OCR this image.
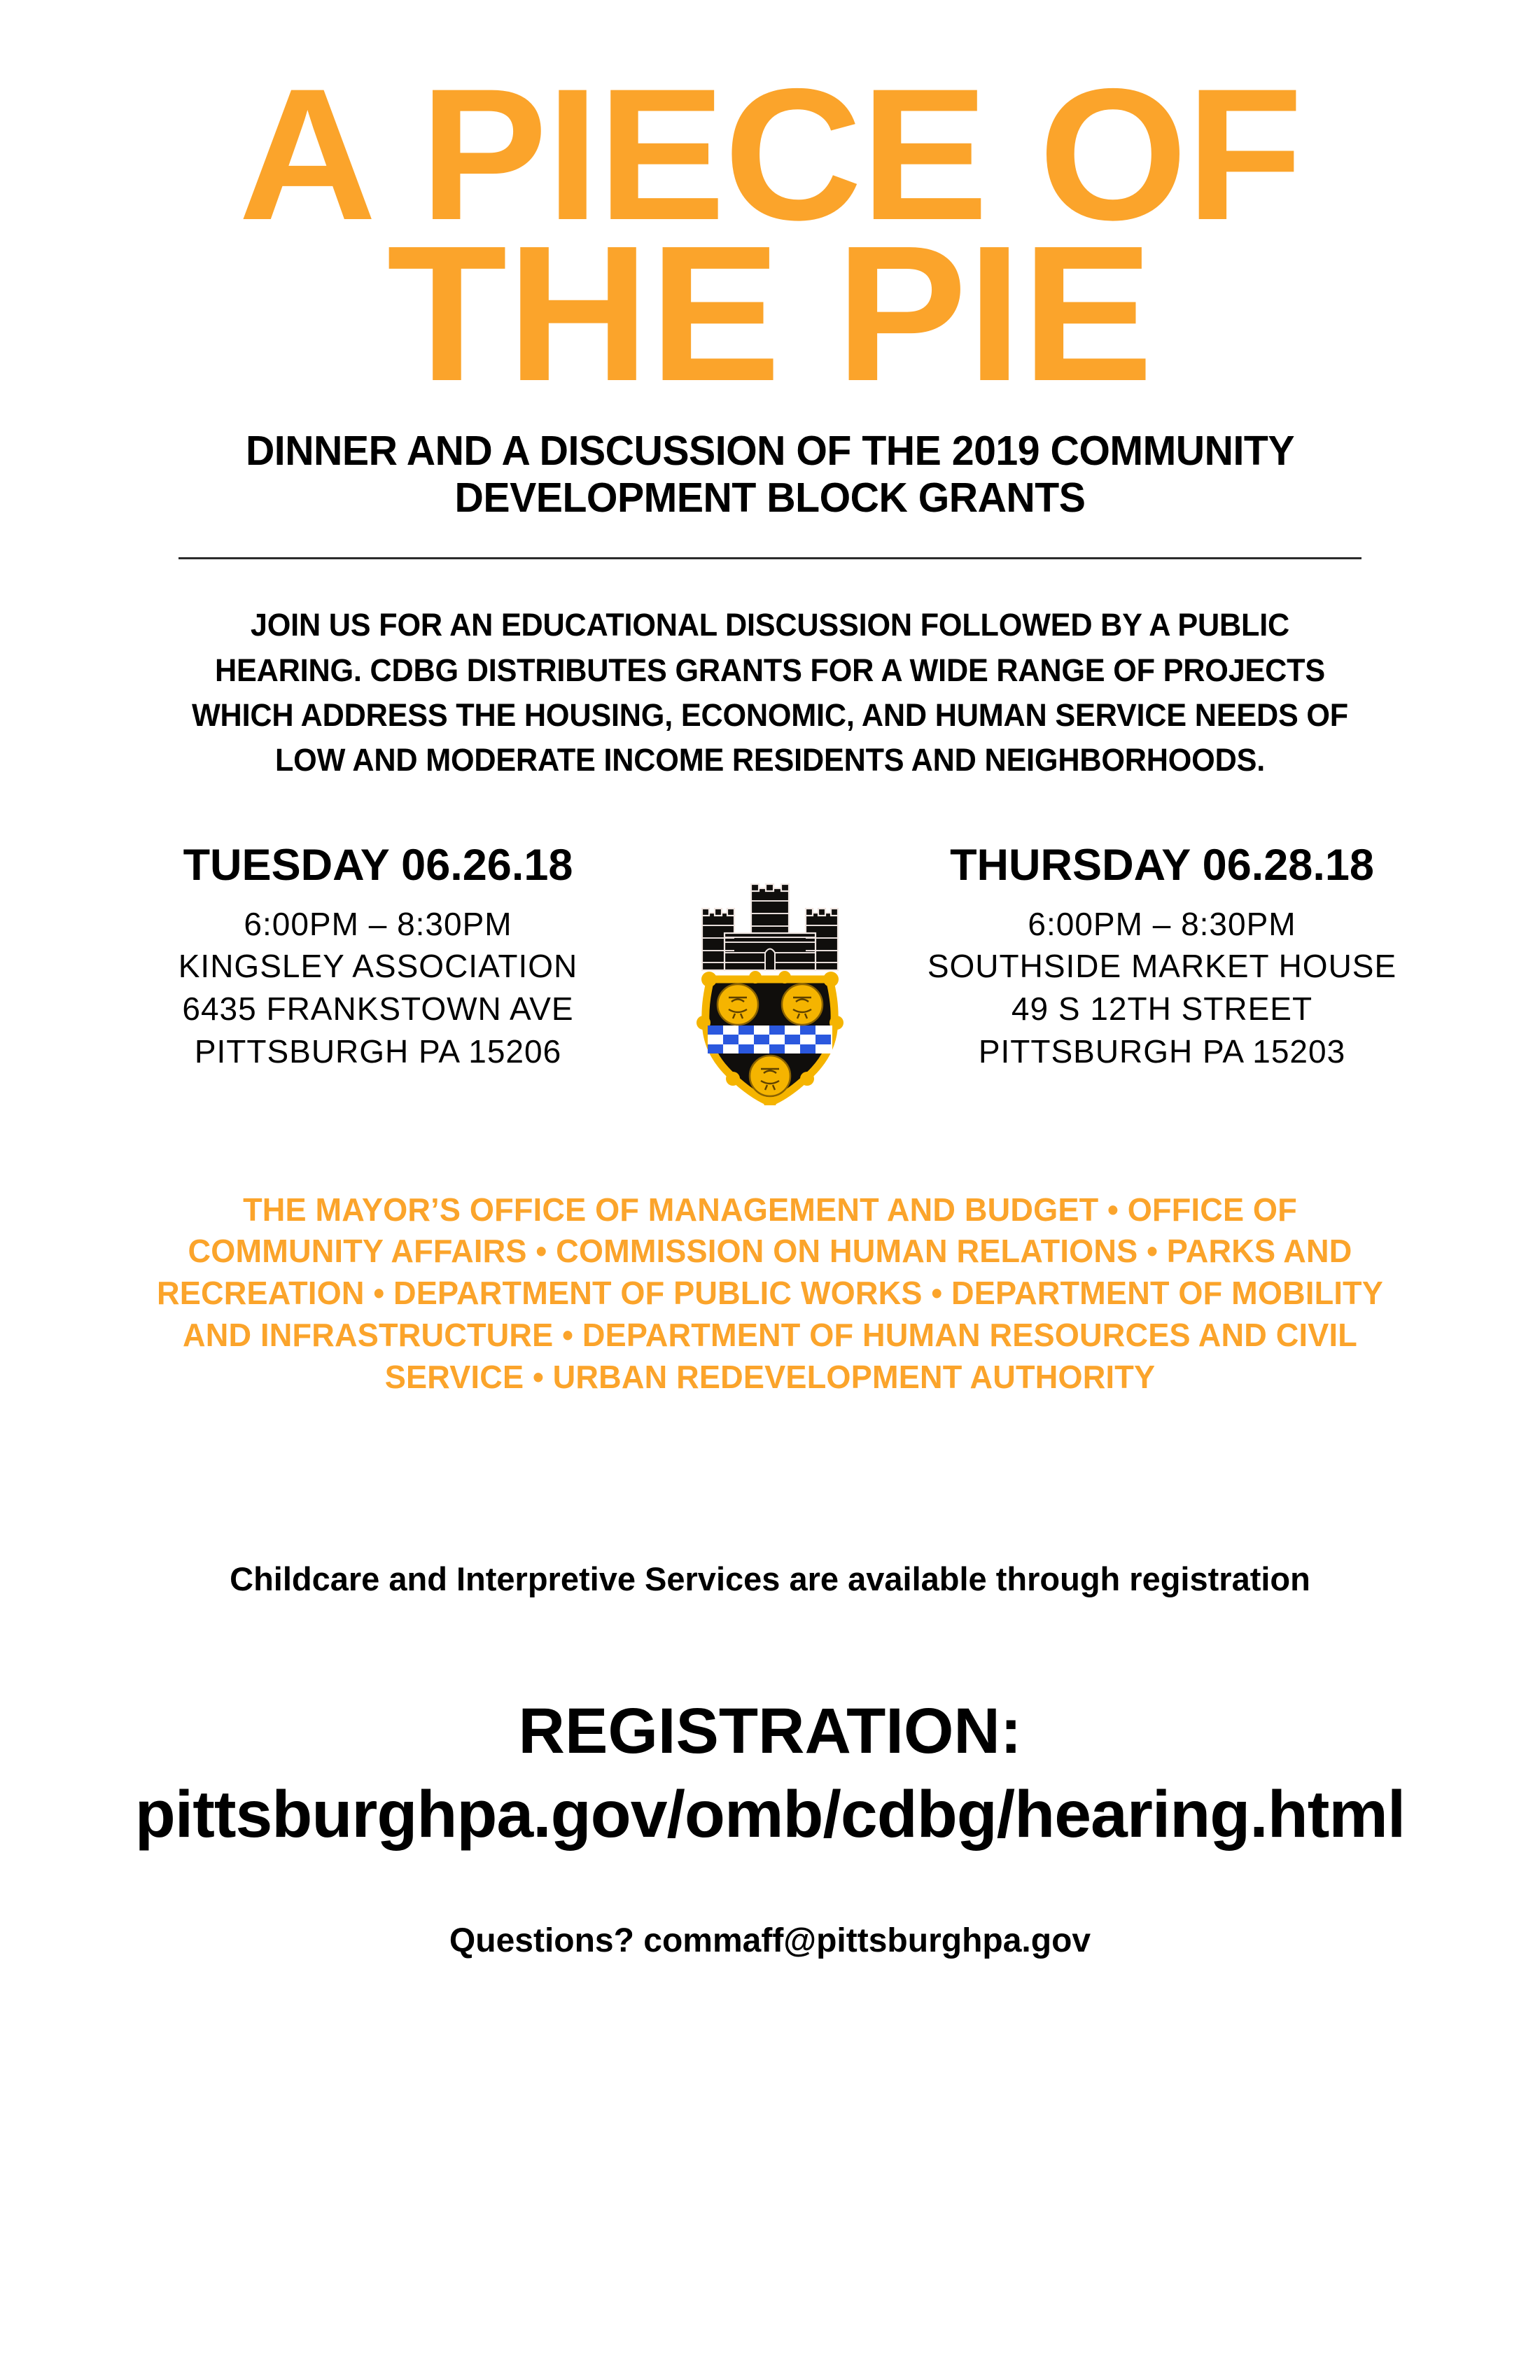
A PIECE OF
THE PIE
DINNER AND A DISCUSSION OF THE 2019 COMMUNITY DEVELOPMENT BLOCK GRANTS
JOIN US FOR AN EDUCATIONAL DISCUSSION FOLLOWED BY A PUBLIC HEARING. CDBG DISTRIBUTES GRANTS FOR A WIDE RANGE OF PROJECTS WHICH ADDRESS THE HOUSING, ECONOMIC, AND HUMAN SERVICE NEEDS OF LOW AND MODERATE INCOME RESIDENTS AND NEIGHBORHOODS.
TUESDAY 06.26.18
6:00PM – 8:30PM
KINGSLEY ASSOCIATION
6435 FRANKSTOWN AVE
PITTSBURGH PA 15206
THURSDAY 06.28.18
6:00PM – 8:30PM
SOUTHSIDE MARKET HOUSE
49 S 12TH STREET
PITTSBURGH PA 15203
THE MAYOR’S OFFICE OF MANAGEMENT AND BUDGET • OFFICE OF COMMUNITY AFFAIRS • COMMISSION ON HUMAN RELATIONS • PARKS AND RECREATION • DEPARTMENT OF PUBLIC WORKS • DEPARTMENT OF MOBILITY AND INFRASTRUCTURE • DEPARTMENT OF HUMAN RESOURCES AND CIVIL SERVICE • URBAN REDEVELOPMENT AUTHORITY
Childcare and Interpretive Services are available through registration
REGISTRATION:
pittsburghpa.gov/omb/cdbg/hearing.html
Questions? commaff@pittsburghpa.gov
